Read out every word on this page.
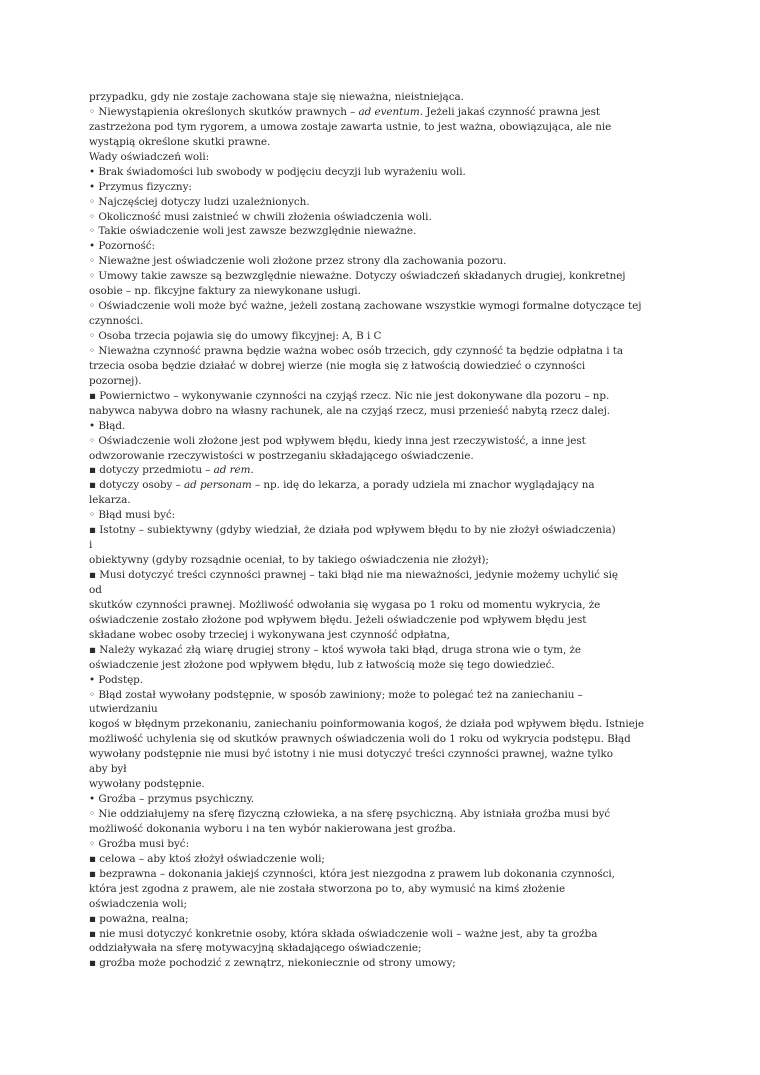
przypadku, gdy nie zostaje zachowana staje się nieważna, nieistniejąca.
◦ Niewystąpienia określonych skutków prawnych – ad eventum. Jeżeli jakaś czynność prawna jest
zastrzeżona pod tym rygorem, a umowa zostaje zawarta ustnie, to jest ważna, obowiązująca, ale nie
wystąpią określone skutki prawne.
Wady oświadczeń woli:
• Brak świadomości lub swobody w podjęciu decyzji lub wyrażeniu woli.
• Przymus fizyczny:
◦ Najczęściej dotyczy ludzi uzależnionych.
◦ Okoliczność musi zaistnieć w chwili złożenia oświadczenia woli.
◦ Takie oświadczenie woli jest zawsze bezwzględnie nieważne.
• Pozorność:
◦ Nieważne jest oświadczenie woli złożone przez strony dla zachowania pozoru.
◦ Umowy takie zawsze są bezwzględnie nieważne. Dotyczy oświadczeń składanych drugiej, konkretnej
osobie – np. fikcyjne faktury za niewykonane usługi.
◦ Oświadczenie woli może być ważne, jeżeli zostaną zachowane wszystkie wymogi formalne dotyczące tej
czynności.
◦ Osoba trzecia pojawia się do umowy fikcyjnej: A, B i C
◦ Nieważna czynność prawna będzie ważna wobec osób trzecich, gdy czynność ta będzie odpłatna i ta
trzecia osoba będzie działać w dobrej wierze (nie mogła się z łatwością dowiedzieć o czynności
pozornej).
▪ Powiernictwo – wykonywanie czynności na czyjąś rzecz. Nic nie jest dokonywane dla pozoru – np.
nabywca nabywa dobro na własny rachunek, ale na czyjąś rzecz, musi przenieść nabytą rzecz dalej.
• Błąd.
◦ Oświadczenie woli złożone jest pod wpływem błędu, kiedy inna jest rzeczywistość, a inne jest
odwzorowanie rzeczywistości w postrzeganiu składającego oświadczenie.
▪ dotyczy przedmiotu – ad rem.
▪ dotyczy osoby – ad personam – np. idę do lekarza, a porady udziela mi znachor wyglądający na
lekarza.
◦ Błąd musi być:
▪ Istotny – subiektywny (gdyby wiedział, że działa pod wpływem błędu to by nie złożył oświadczenia)
i
obiektywny (gdyby rozsądnie oceniał, to by takiego oświadczenia nie złożył);
▪ Musi dotyczyć treści czynności prawnej – taki błąd nie ma nieważności, jedynie możemy uchylić się
od
skutków czynności prawnej. Możliwość odwołania się wygasa po 1 roku od momentu wykrycia, że
oświadczenie zostało złożone pod wpływem błędu. Jeżeli oświadczenie pod wpływem błędu jest
składane wobec osoby trzeciej i wykonywana jest czynność odpłatna,
▪ Należy wykazać złą wiarę drugiej strony – ktoś wywoła taki błąd, druga strona wie o tym, że
oświadczenie jest złożone pod wpływem błędu, lub z łatwością może się tego dowiedzieć.
• Podstęp.
◦ Błąd został wywołany podstępnie, w sposób zawiniony; może to polegać też na zaniechaniu –
utwierdzaniu
kogoś w błędnym przekonaniu, zaniechaniu poinformowania kogoś, że działa pod wpływem błędu. Istnieje
możliwość uchylenia się od skutków prawnych oświadczenia woli do 1 roku od wykrycia podstępu. Błąd
wywołany podstępnie nie musi być istotny i nie musi dotyczyć treści czynności prawnej, ważne tylko
aby był
wywołany podstępnie.
• Groźba – przymus psychiczny.
◦ Nie oddziałujemy na sferę fizyczną człowieka, a na sferę psychiczną. Aby istniała groźba musi być
możliwość dokonania wyboru i na ten wybór nakierowana jest groźba.
◦ Groźba musi być:
▪ celowa – aby ktoś złożył oświadczenie woli;
▪ bezprawna – dokonania jakiejś czynności, która jest niezgodna z prawem lub dokonania czynności,
która jest zgodna z prawem, ale nie została stworzona po to, aby wymusić na kimś złożenie
oświadczenia woli;
▪ poważna, realna;
▪ nie musi dotyczyć konkretnie osoby, która składa oświadczenie woli – ważne jest, aby ta groźba
oddziaływała na sferę motywacyjną składającego oświadczenie;
▪ groźba może pochodzić z zewnątrz, niekoniecznie od strony umowy;
